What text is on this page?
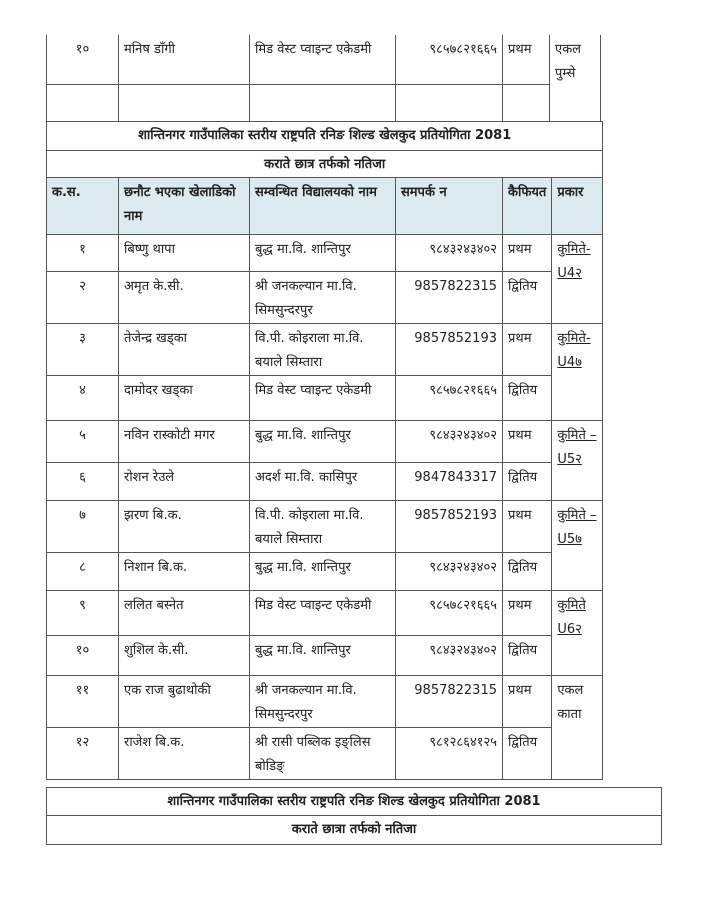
१०	मनिष डाँगी	मिड वेस्ट प्वाइन्ट एकेडमी	९८५७८२१६६५	प्रथम	एकल पुम्से

शान्तिनगर गाउँपालिका स्तरीय राष्ट्रपति रनिङ शिल्ड खेलकुद प्रतियोगिता 2081					
कराते छात्र तर्फको नतिजा					
क.स.	छनौट भएका खेलाडिको नाम	सम्वन्धित विद्यालयको नाम	समपर्क न	कैफियत	प्रकार
१	बिष्णु थापा	बुद्ध मा.वि. शान्तिपुर	९८४३२४३४०२	प्रथम	कुमिते-U4२
२	अमृत के.सी.	श्री जनकल्यान मा.वि. सिमसुन्दरपुर	9857822315	द्वितिय	
३	तेजेन्द्र खड्का	वि.पी. कोइराला मा.वि. बयाले सिम्तारा	9857852193	प्रथम	कुमिते-U4७
४	दामोदर खड्का	मिड वेस्ट प्वाइन्ट एकेडमी	९८५७८२१६६५	द्वितिय	
५	नविन रास्कोटी मगर	बुद्ध मा.वि. शान्तिपुर	९८४३२४३४०२	प्रथम	कुमिते – U5२
६	रोशन रेउले	अदर्श मा.वि. कासिपुर	9847843317	द्वितिय	
७	झरण बि.क.	वि.पी. कोइराला मा.वि. बयाले सिम्तारा	9857852193	प्रथम	कुमिते – U5७
८	निशान बि.क.	बुद्ध मा.वि. शान्तिपुर	९८४३२४३४०२	द्वितिय	
९	ललित बस्नेत	मिड वेस्ट प्वाइन्ट एकेडमी	९८५७८२१६६५	प्रथम	कुमिते U6२
१०	शुशिल के.सी.	बुद्ध मा.वि. शान्तिपुर	९८४३२४३४०२	द्वितिय	
११	एक राज बुढाथोकी	श्री जनकल्यान मा.वि. सिमसुन्दरपुर	9857822315	प्रथम	एकल काता
१२	राजेश बि.क.	श्री रासी पब्लिक इङ्लिस बोडिङ्	९८१२८६४१२५	द्वितिय	
शान्तिनगर गाउँपालिका स्तरीय राष्ट्रपति रनिङ शिल्ड खेलकुद प्रतियोगिता 2081
कराते छात्रा तर्फको नतिजा
